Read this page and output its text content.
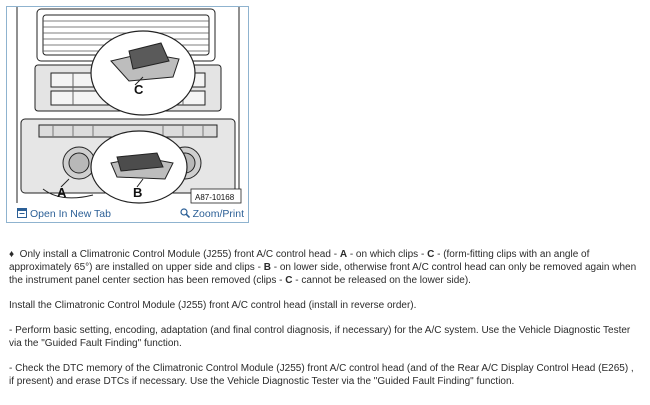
C
A	B	A87-10168
Open In New Tab	Zoom/Print

♦ Only install a Climatronic Control Module (J255) front A/C control head - A - on which clips - C - (form-fitting clips with an angle of approximately 65°) are installed on upper side and clips - B - on lower side, otherwise front A/C control head can only be removed again when the instrument panel center section has been removed (clips - C - cannot be released on the lower side).

Install the Climatronic Control Module (J255) front A/C control head (install in reverse order).

- Perform basic setting, encoding, adaptation (and final control diagnosis, if necessary) for the A/C system. Use the Vehicle Diagnostic Tester via the "Guided Fault Finding" function.

- Check the DTC memory of the Climatronic Control Module (J255) front A/C control head (and of the Rear A/C Display Control Head (E265) , if present) and erase DTCs if necessary. Use the Vehicle Diagnostic Tester via the "Guided Fault Finding" function.
